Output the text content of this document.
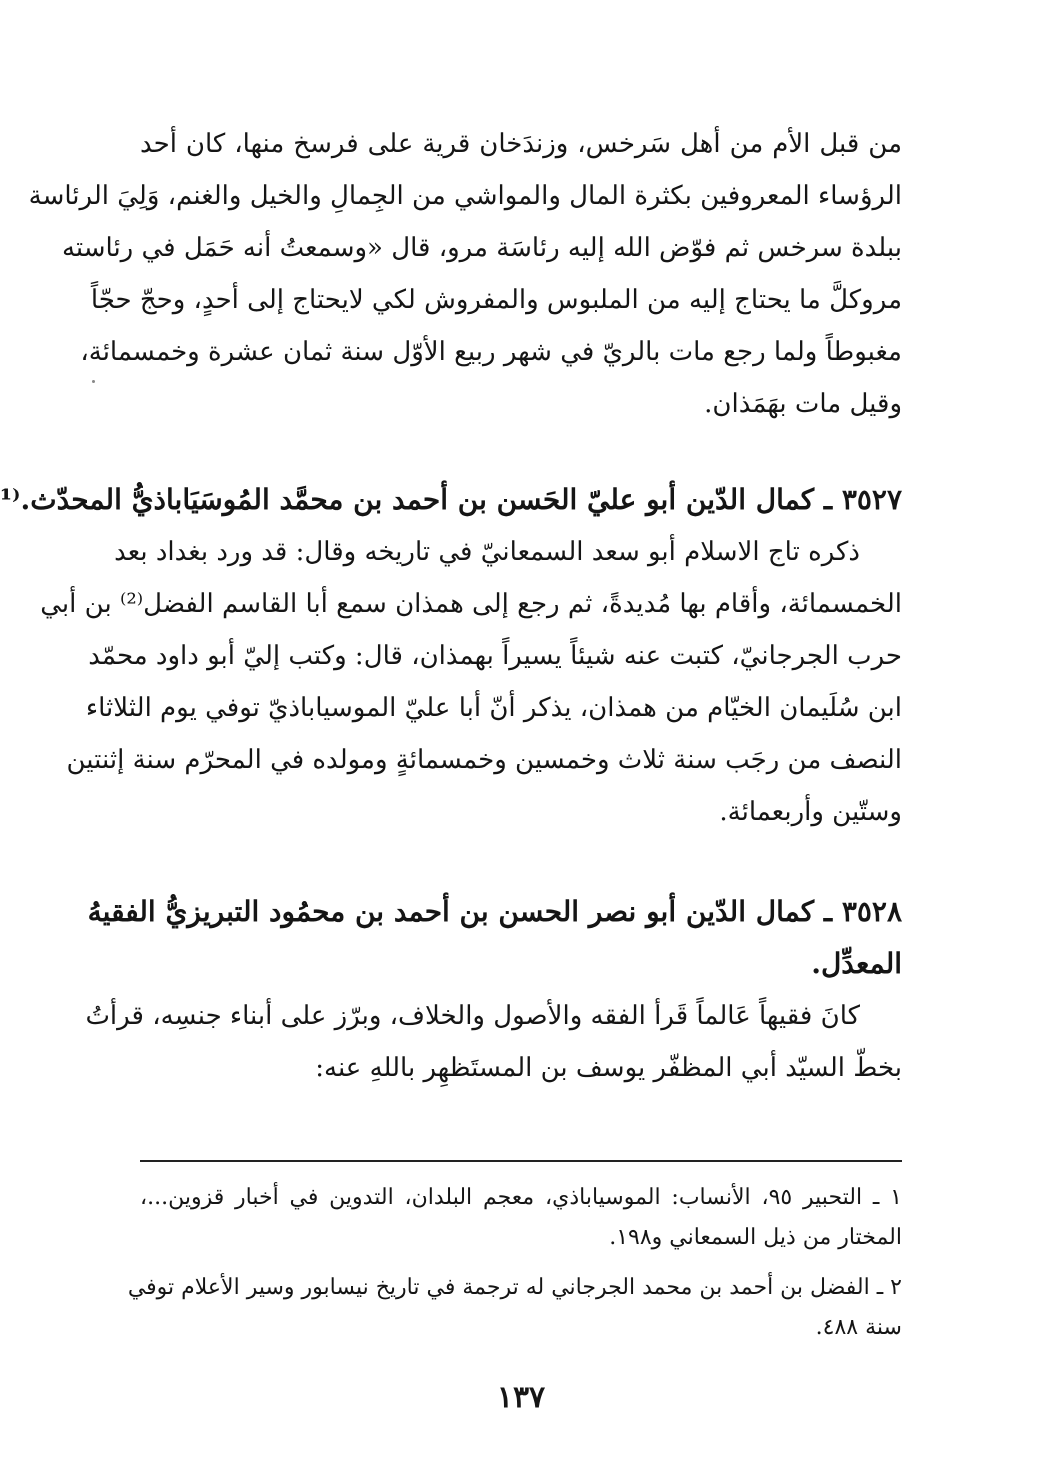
من قبل الأم من أهل سَرخس، وزندَخان قرية على فرسخ منها، كان أحد
الرؤساء المعروفين بكثرة المال والمواشي من الجِمالِ والخيل والغنم، وَلِيَ الرئاسة
ببلدة سرخس ثم فوّض الله إليه رئاسَة مرو، قال «وسمعتُ أنه حَمَل في رئاسته
مروكلَّ ما يحتاج إليه من الملبوس والمفروش لكي لايحتاج إلى أحدٍ، وحجّ حجّاً
مغبوطاً ولما رجع مات بالريّ في شهر ربيع الأوّل سنة ثمان عشرة وخمسمائة،
وقيل مات بهَمَذان.
٣٥٢٧ ـ كمال الدّين أبو عليّ الحَسن بن أحمد بن محمَّد المُوسَيَاباذيُّ المحدّث.⁽¹
ذكره تاج الاسلام أبو سعد السمعانيّ في تاريخه وقال: قد ورد بغداد بعد
الخمسمائة، وأقام بها مُديدةً، ثم رجع إلى همذان سمع أبا القاسم الفضل⁽²⁾ بن أبي
حرب الجرجانيّ، كتبت عنه شيئاً يسيراً بهمذان، قال: وكتب إليّ أبو داود محمّد
ابن سُلَيمان الخيّام من همذان، يذكر أنّ أبا عليّ الموسياباذيّ توفي يوم الثلاثاء
النصف من رجَب سنة ثلاث وخمسين وخمسمائةٍ ومولده في المحرّم سنة إثنتين
وستّين وأربعمائة.
٣٥٢٨ ـ كمال الدّين أبو نصر الحسن بن أحمد بن محمُود التبريزيُّ الفقيهُ
المعدِّل.
كانَ فقيهاً عَالماً قَرأ الفقه والأصول والخلاف، وبرّز على أبناء جنسِه، قرأتُ
بخطّ السيّد أبي المظفّر يوسف بن المستَظهِر باللهِ عنه:
١ ـ التحبير ٩٥، الأنساب: الموسياباذي، معجم البلدان، التدوين في أخبار قزوين...،
المختار من ذيل السمعاني و١٩٨.
٢ ـ الفضل بن أحمد بن محمد الجرجاني له ترجمة في تاريخ نيسابور وسير الأعلام توفي
سنة ٤٨٨.
١٣٧
